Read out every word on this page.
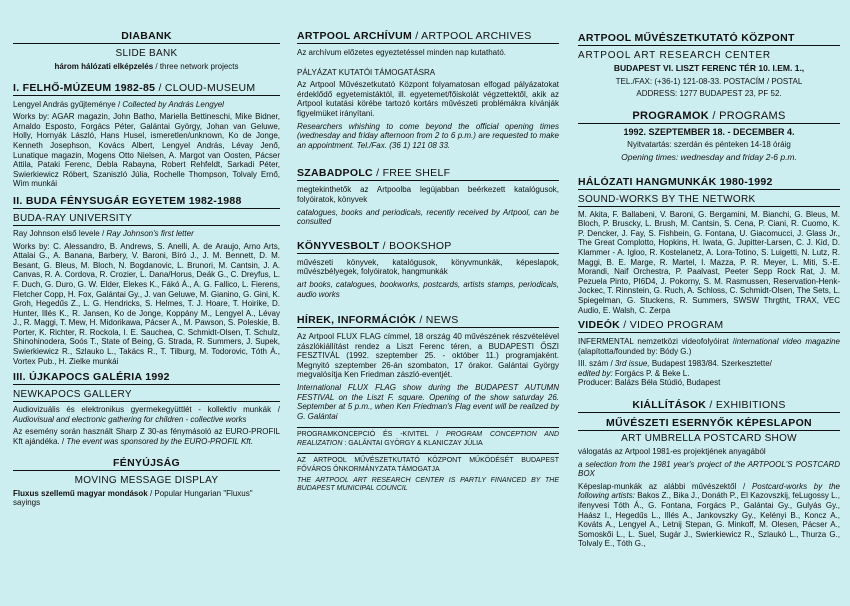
DIABANK
SLIDE BANK

három hálózati elképzelés / three network projects

I. FELHŐ-MÚZEUM 1982-85 / CLOUD-MUSEUM

Lengyel András gyűjteménye / Collected by András Lengyel

Works by: AGAR magazin, John Batho, Mariella Bettineschi, Mike Bidner, Arnaldo Esposto, Forgács Péter, Galántai György, Johan van Geluwe, Holly, Hornyák László, Hans Husel, ismeretlen/unknown, Ko de Jonge, Kenneth Josephson, Kovács Albert, Lengyel András, Lévay Jenő, Lunatique magazin, Mogens Otto Nielsen, A. Margot van Oosten, Pácser Attila, Pataki Ferenc, Debla Rabayna, Robert Rehfeldt, Sarkadi Péter, Swierkiewicz Róbert, Szaniszló Júlia, Rochelle Thompson, Tolvaly Ernő, Wim munkái

II. BUDA FÉNYSUGÁR EGYETEM 1982-1988
BUDA-RAY UNIVERSITY

Ray Johnson első levele / Ray Johnson's first letter

Works by: C. Alessandro, B. Andrews, S. Anelli, A. de Araujo, Arno Arts, Attalai G., A. Banana, Barbery, V. Baroni, Bíró J., J. M. Bennett, D. M. Besant, G. Bleus, M. Bloch, N. Bogdanovic, L. Brunori, M. Cantsin, J. A. Canvas, R. A. Cordova, R. Crozier, L. Dana/Horus, Deák G., C. Dreyfus, L. F. Duch, G. Duro, G. W. Elder, Elekes K., Fákó Á., A. G. Fallico, L. Fierens, Fletcher Copp, H. Fox, Galántai Gy., J. van Geluwe, M. Gianino, G. Gini, K. Groh, Hegedűs Z., L. G. Hendricks, S. Helmes, T. J. Hoare, T. Hoirike, D. Hunter, Illés K., R. Jansen, Ko de Jonge, Koppány M., Lengyel A., Lévay J., R. Maggi, T. Mew, H. Midorikawa, Pácser A., M. Pawson, S. Poleskie, B. Porter, K. Richter, R. Rockola, I. E. Sauchea, C. Schmidt-Olsen, T. Schulz, Shinohinodera, Soós T., State of Being, G. Strada, R. Summers, J. Supek, Swierkiewicz R., Szlauko L., Takács R., T. Tilburg, M. Todorovic, Tóth Á., Vortex Pub., H. Zielke munkái

III. ÚJKAPOCS GALÉRIA 1992
NEWKAPOCS GALLERY

Audiovizuális és elektronikus gyermekegyüttlét - kollektív munkák / Audiovisual and electronic gathering for children - collective works

Az esemény során használt Sharp Z 30-as fénymásoló az EURO-PROFIL Kft ajándéka. / The event was sponsored by the EURO-PROFIL Kft.

FÉNYÚJSÁG
MOVING MESSAGE DISPLAY

Fluxus szellemű magyar mondások / Popular Hungarian "Fluxus" sayings

ARTPOOL ARCHÍVUM / ARTPOOL ARCHIVES

Az archívum előzetes egyeztetéssel minden nap kutatható.

PÁLYÁZAT KUTATÓI TÁMOGATÁSRA

Az Artpool Művészetkutató Központ folyamatosan elfogad pályázatokat érdeklődő egyetemistáktól, ill. egyetemet/főiskolát végzettektől, akik az Artpool kutatási körébe tartozó kortárs művészeti problémákra kívánják figyelmüket irányítani.

Researchers whishing to come beyond the official opening times (wednesday and friday afternoon from 2 to 6 p.m.) are requested to make an appointment. Tel./Fax. (36 1) 121 08 33.

SZABADPOLC / FREE SHELF

megtekinthetők az Artpoolba legújabban beérkezett katalógusok, folyóiratok, könyvek

catalogues, books and periodicals, recently received by Artpool, can be consulted

KÖNYVESBOLT / BOOKSHOP

művészeti könyvek, katalógusok, könyvmunkák, képeslapok, művészbélyegek, folyóiratok, hangmunkák

art books, catalogues, bookworks, postcards, artists stamps, periodicals, audio works

HÍREK, INFORMÁCIÓK / NEWS

Az Artpool FLUX FLAG címmel, 18 ország 40 művészének részvételével zászlókiállítást rendez a Liszt Ferenc téren, a BUDAPESTI ŐSZI FESZTIVÁL (1992. szeptember 25. - október 11.) programjaként. Megnyitó szeptember 26-án szombaton, 17 órakor. Galántai György megvalósítja Ken Friedman zászló-eventjét.

International FLUX FLAG show during the BUDAPEST AUTUMN FESTIVAL on the Liszt F. square. Opening of the show saturday 26. September at 5 p.m., when Ken Friedman's Flag event will be realized by G. Galántai

PROGRAMKONCEPCIÓ ÉS -KIVITEL / PROGRAM CONCEPTION AND REALIZATION : GALÁNTAI GYÖRGY & KLANICZAY JÚLIA

AZ ARTPOOL MŰVÉSZETKUTATÓ KÖZPONT MŰKÖDÉSÉT BUDAPEST FŐVÁROS ÖNKORMÁNYZATA TÁMOGATJA

THE ARTPOOL ART RESEARCH CENTER IS PARTLY FINANCED BY THE BUDAPEST MUNICIPAL COUNCIL

ARTPOOL MŰVÉSZETKUTATÓ KÖZPONT
ARTPOOL ART RESEARCH CENTER

BUDAPEST VI. LISZT FERENC TÉR 10. I.EM. 1.,

TEL./FAX: (+36-1) 121-08-33. POSTACÍM / POSTAL

ADDRESS: 1277 BUDAPEST 23, PF 52.

PROGRAMOK / PROGRAMS

1992. SZEPTEMBER 18. - DECEMBER 4.

Nyitvatartás: szerdán és pénteken 14-18 óráig

Opening times: wednesday and friday 2-6 p.m.

HÁLÓZATI HANGMUNKÁK 1980-1992
SOUND-WORKS BY THE NETWORK

M. Akita, F. Ballabeni, V. Baroni, G. Bergamini, M. Bianchi, G. Bleus, M. Bloch, P. Bruscky, L. Brush, M. Cantsin, S. Cena, P. Ciani, R. Cuomo, K. P. Dencker, J. Fay, S. Fishbein, G. Fontana, U. Giacomucci, J. Glass Jr., The Great Complotto, Hopkins, H. Iwata, G. Jupitter-Larsen, C. J. Kid, D. Klammer - A. Igloo, R. Kostelanetz, A. Lora-Totino, S. Luigetti, N. Lutz, R. Maggi, B. E. Marge, R. Martel, I. Mazza, P. R. Meyer, L. Miti, S.-E. Morandi, Naif Orchestra, P. Paalvast, Peeter Sepp Rock Rat, J. M. Pezuela Pinto, PI6D4, J. Pokorny, S. M. Rasmussen, Reservation-Henk-Jockec, T. Rinnstein, G. Ruch, A. Schloss, C. Schmidt-Olsen, The Sets, L. Spiegelman, G. Stuckens, R. Summers, SWSW Thrgtht, TRAX, VEC Audio, E. Walsh, C. Zerpa

VIDEÓK / VIDEO PROGRAM

INFERMENTAL nemzetközi videofolyóirat /international video magazine (alapította/founded by: Bódy G.)

III. szám / 3rd issue, Budapest 1983/84. Szerkesztette/

edited by: Forgács P. & Beke L.

Producer: Balázs Béla Stúdió, Budapest

KIÁLLÍTÁSOK / EXHIBITIONS
MŰVÉSZETI ESERNYŐK KÉPESLAPON
ART UMBRELLA POSTCARD SHOW

válogatás az Artpool 1981-es projektjének anyagából

a selection from the 1981 year's project of the ARTPOOL'S POSTCARD BOX

Képeslap-munkák az alábbi művészektől / Postcard-works by the following artists: Bakos Z., Bika J., Donáth P., El Kazovszkij, feLugossy L., ifenyvesi Tóth Á., G. Fontana, Forgács P., Galántai Gy., Gulyás Gy., Haász I., Hegedűs L., Illés A., Jankovszky Gy., Kelényi B., Koncz A., Kováts A., Lengyel A., Letnij Stepan, G. Minkoff, M. Olesen, Pácser A., Somoskői L., L. Suel, Sugár J., Swierkiewicz R., Szlaukó L., Thurza G., Tolvaly E., Tóth G.,
